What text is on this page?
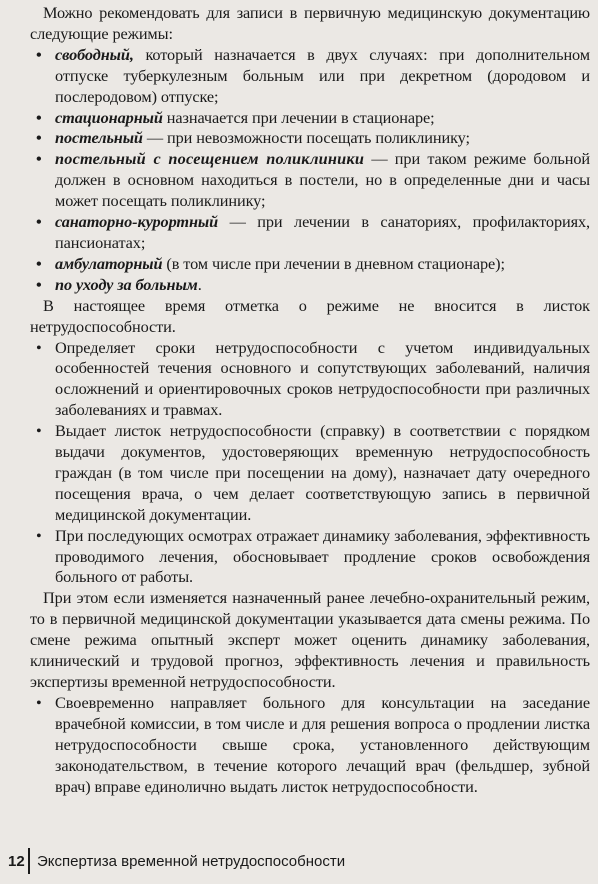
Можно рекомендовать для записи в первичную медицинскую документацию следующие режимы:

• свободный, который назначается в двух случаях: при дополнительном отпуске туберкулезным больным или при декретном (дородовом и послеродовом) отпуске;
• стационарный назначается при лечении в стационаре;
• постельный — при невозможности посещать поликлинику;
• постельный с посещением поликлиники — при таком режиме больной должен в основном находиться в постели, но в определенные дни и часы может посещать поликлинику;
• санаторно-курортный — при лечении в санаториях, профилакториях, пансионатах;
• амбулаторный (в том числе при лечении в дневном стационаре);
• по уходу за больным.

В настоящее время отметка о режиме не вносится в листок нетрудоспособности.

• Определяет сроки нетрудоспособности с учетом индивидуальных особенностей течения основного и сопутствующих заболеваний, наличия осложнений и ориентировочных сроков нетрудоспособности при различных заболеваниях и травмах.
• Выдает листок нетрудоспособности (справку) в соответствии с порядком выдачи документов, удостоверяющих временную нетрудоспособность граждан (в том числе при посещении на дому), назначает дату очередного посещения врача, о чем делает соответствующую запись в первичной медицинской документации.
• При последующих осмотрах отражает динамику заболевания, эффективность проводимого лечения, обосновывает продление сроков освобождения больного от работы.

При этом если изменяется назначенный ранее лечебно-охранительный режим, то в первичной медицинской документации указывается дата смены режима. По смене режима опытный эксперт может оценить динамику заболевания, клинический и трудовой прогноз, эффективность лечения и правильность экспертизы временной нетрудоспособности.

• Своевременно направляет больного для консультации на заседание врачебной комиссии, в том числе и для решения вопроса о продлении листка нетрудоспособности свыше срока, установленного действующим законодательством, в течение которого лечащий врач (фельдшер, зубной врач) вправе единолично выдать листок нетрудоспособности.
12 Экспертиза временной нетрудоспособности
